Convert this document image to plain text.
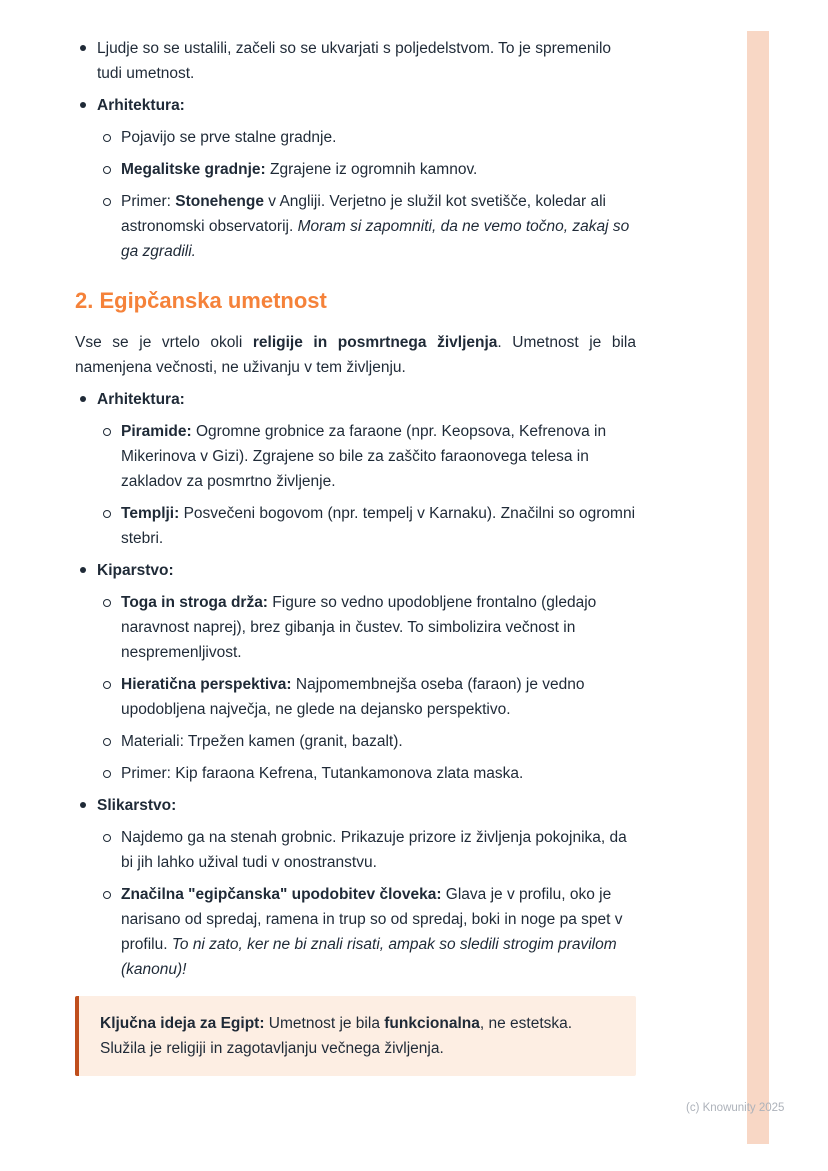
Ljudje so se ustalili, začeli so se ukvarjati s poljedelstvom. To je spremenilo tudi umetnost.
Arhitektura:
Pojavijo se prve stalne gradnje.
Megalitske gradnje: Zgrajene iz ogromnih kamnov.
Primer: Stonehenge v Angliji. Verjetno je služil kot svetišče, koledar ali astronomski observatorij. Moram si zapomniti, da ne vemo točno, zakaj so ga zgradili.
2. Egipčanska umetnost

Vse se je vrtelo okoli religije in posmrtnega življenja. Umetnost je bila namenjena večnosti, ne uživanju v tem življenju.

Arhitektura:
Piramide: Ogromne grobnice za faraone (npr. Keopsova, Kefrenova in Mikerinova v Gizi). Zgrajene so bile za zaščito faraonovega telesa in zakladov za posmrtno življenje.
Templji: Posvečeni bogovom (npr. tempelj v Karnaku). Značilni so ogromni stebri.
Kiparstvo:
Toga in stroga drža: Figure so vedno upodobljene frontalno (gledajo naravnost naprej), brez gibanja in čustev. To simbolizira večnost in nespremenljivost.
Hieratična perspektiva: Najpomembnejša oseba (faraon) je vedno upodobljena največja, ne glede na dejansko perspektivo.
Materiali: Trpežen kamen (granit, bazalt).
Primer: Kip faraona Kefrena, Tutankamonova zlata maska.
Slikarstvo:
Najdemo ga na stenah grobnic. Prikazuje prizore iz življenja pokojnika, da bi jih lahko užival tudi v onostranstvu.
Značilna "egipčanska" upodobitev človeka: Glava je v profilu, oko je narisano od spredaj, ramena in trup so od spredaj, boki in noge pa spet v profilu. To ni zato, ker ne bi znali risati, ampak so sledili strogim pravilom (kanonu)!
Ključna ideja za Egipt: Umetnost je bila funkcionalna, ne estetska. Služila je religiji in zagotavljanju večnega življenja.
(c) Knowunity 2025
